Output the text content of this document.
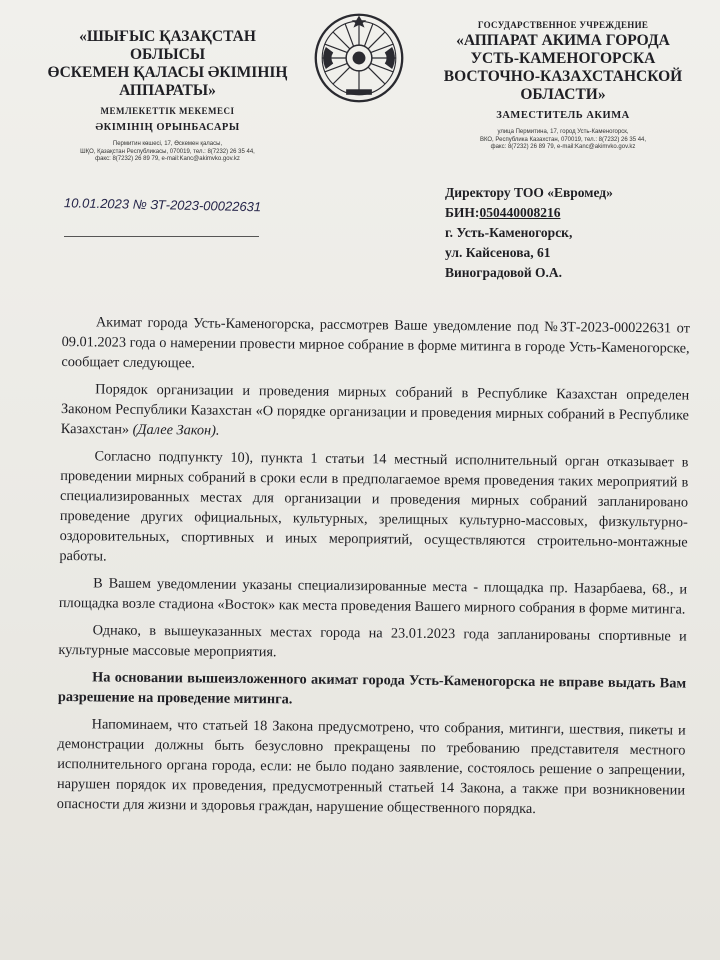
«ШЫҒЫС ҚАЗАҚСТАН

ОБЛЫСЫ

ӨСКЕМЕН ҚАЛАСЫ ӘКІМІНІҢ

АППАРАТЫ»

МЕМЛЕКЕТТІК МЕКЕМЕСІ
ӘКІМІНІҢ ОРЫНБАСАРЫ
Пермитин көшесі, 17, Өскемен қаласы,
ШҚО, Қазақстан Республикасы, 070019, тел.: 8(7232) 26 35 44,
факс: 8(7232) 26 89 79, e-mail:Kanc@akimvko.gov.kz
ГОСУДАРСТВЕННОЕ УЧРЕЖДЕНИЕ

«АППАРАТ АКИМА ГОРОДА

УСТЬ-КАМЕНОГОРСКА

ВОСТОЧНО-КАЗАХСТАНСКОЙ

ОБЛАСТИ»

ЗАМЕСТИТЕЛЬ АКИМА
улица Пермитина, 17, город Усть-Каменогорск,
ВКО, Республика Казахстан, 070019, тел.: 8(7232) 26 35 44,
факс: 8(7232) 26 89 79, e-mail:Kanc@akimvko.gov.kz
10.01.2023 № ЗТ-2023-00022631
Директору ТОО «Евромед»
БИН:050440008216
г. Усть-Каменогорск,
ул. Кайсенова, 61
Виноградовой О.А.

Акимат города Усть-Каменогорска, рассмотрев Ваше уведомление под №ЗТ-2023-00022631 от 09.01.2023 года о намерении провести мирное собрание в форме митинга в городе Усть-Каменогорске, сообщает следующее.

Порядок организации и проведения мирных собраний в Республике Казахстан определен Законом Республики Казахстан «О порядке организации и проведения мирных собраний в Республике Казахстан» (Далее Закон).

Согласно подпункту 10), пункта 1 статьи 14 местный исполнительный орган отказывает в проведении мирных собраний в сроки если в предполагаемое время проведения таких мероприятий в специализированных местах для организации и проведения мирных собраний запланировано проведение других официальных, культурных, зрелищных культурно-массовых, физкультурно-оздоровительных, спортивных и иных мероприятий, осуществляются строительно-монтажные работы.

В Вашем уведомлении указаны специализированные места - площадка пр. Назарбаева, 68., и площадка возле стадиона «Восток» как места проведения Вашего мирного собрания в форме митинга.

Однако, в вышеуказанных местах города на 23.01.2023 года запланированы спортивные и культурные массовые мероприятия.

На основании вышеизложенного акимат города Усть-Каменогорска не вправе выдать Вам разрешение на проведение митинга.

Напоминаем, что статьей 18 Закона предусмотрено, что собрания, митинги, шествия, пикеты и демонстрации должны быть безусловно прекращены по требованию представителя местного исполнительного органа города, если: не было подано заявление, состоялось решение о запрещении, нарушен порядок их проведения, предусмотренный статьей 14 Закона, а также при возникновении опасности для жизни и здоровья граждан, нарушение общественного порядка.
